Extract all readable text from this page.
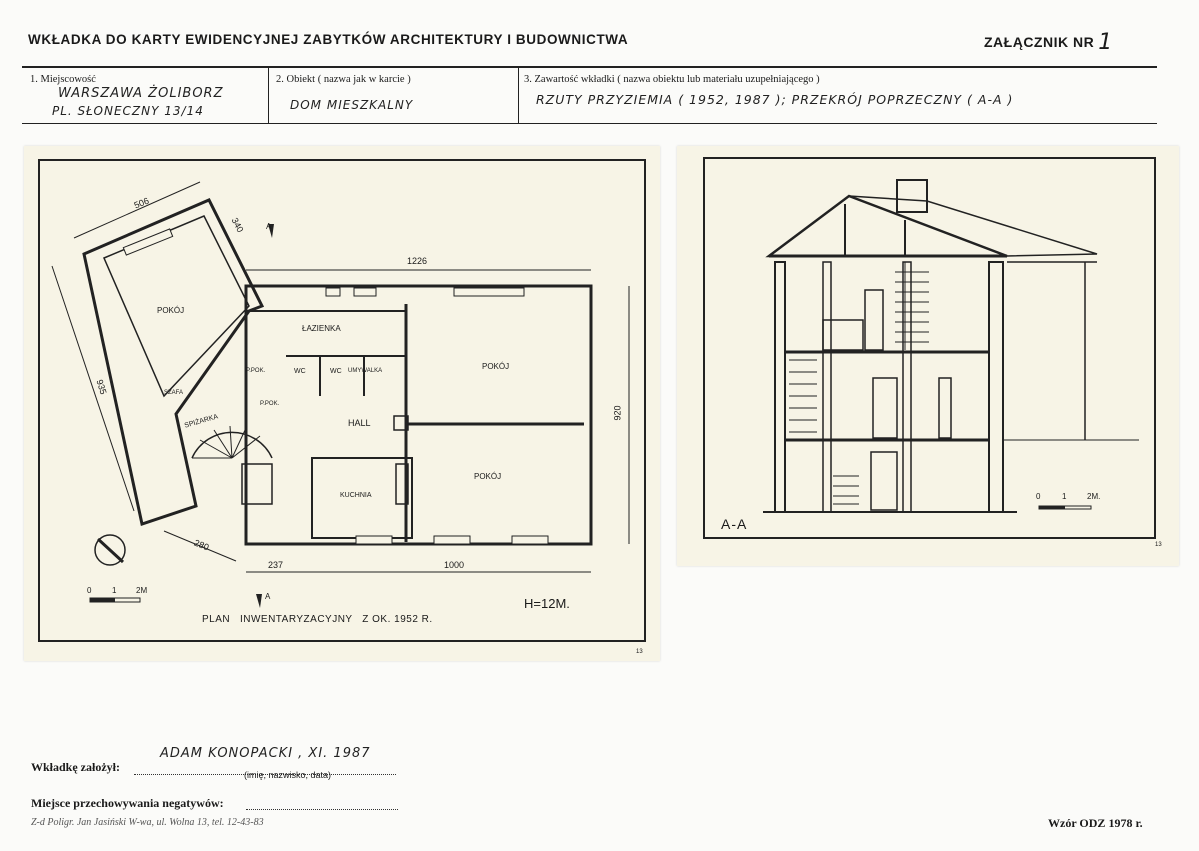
WKŁADKA DO KARTY EWIDENCYJNEJ ZABYTKÓW ARCHITEKTURY I BUDOWNICTWA	ZAŁĄCZNIK NR 1
1. Miejscowość
WARSZAWA ŻOLIBORZ
PL. SŁONECZNY 13/14
2. Obiekt ( nazwa jak w karcie )
DOM MIESZKALNY
3. Zawartość wkładki ( nazwa obiektu lub materiału uzupełniającego )
RZUTY PRZYZIEMIA ( 1952, 1987 ); PRZEKRÓJ POPRZECZNY ( A-A )
POKÓJ
ŁAZIENKA
POKÓJ
WC	WC UMYWALKA
P.POK.
P.POK.
SZAFA
SPIŻARKA	HALL
KUCHNIA
POKÓJ
506
340
1226
935
920
280
237	1000
A
A
0	1 2M
H=12M.
PLAN   INWENTARYZACYJNY   Z OK. 1952 R.
13
0	1	2M.
A-A
13
Wkładkę założył:
ADAM KONOPACKI , XI. 1987
(imię, nazwisko, data)
Miejsce przechowywania negatywów:
Z-d Poligr. Jan Jasiński W-wa, ul. Wolna 13, tel. 12-43-83	Wzór ODZ 1978 r.
